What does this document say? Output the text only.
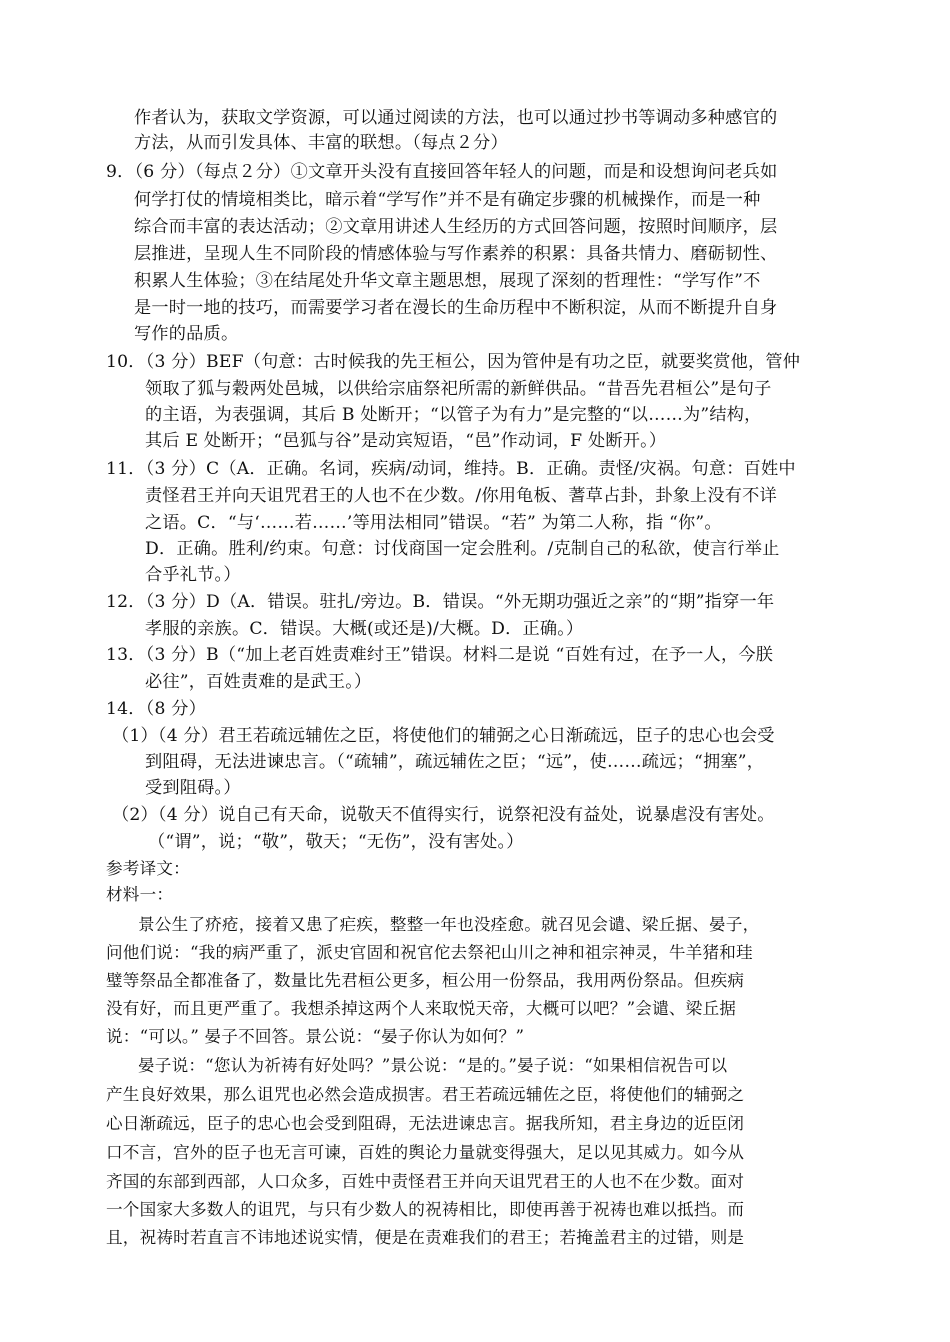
作者认为，获取文学资源，可以通过阅读的方法，也可以通过抄书等调动多种感官的
方法，从而引发具体、丰富的联想。（每点２分）
9．（6 分）（每点２分）①文章开头没有直接回答年轻人的问题，而是和设想询问老兵如
何学打仗的情境相类比，暗示着“学写作”并不是有确定步骤的机械操作，而是一种
综合而丰富的表达活动；②文章用讲述人生经历的方式回答问题，按照时间顺序，层
层推进，呈现人生不同阶段的情感体验与写作素养的积累：具备共情力、磨砺韧性、
积累人生体验；③在结尾处升华文章主题思想，展现了深刻的哲理性：“学写作”不
是一时一地的技巧，而需要学习者在漫长的生命历程中不断积淀，从而不断提升自身
写作的品质。
10．（3 分）BEF（句意：古时候我的先王桓公，因为管仲是有功之臣，就要奖赏他，管仲
领取了狐与穀两处邑城，以供给宗庙祭祀所需的新鲜供品。“昔吾先君桓公”是句子
的主语，为表强调，其后 B 处断开；“以管子为有力”是完整的“以……为”结构，
其后 E 处断开；“邑狐与谷”是动宾短语，“邑”作动词，F 处断开。）
11．（3 分）C（A．正确。名词，疾病/动词，维持。B．正确。责怪/灾祸。句意：百姓中
责怪君王并向天诅咒君王的人也不在少数。/你用龟板、蓍草占卦，卦象上没有不详
之语。C．“与‘……若……’等用法相同”错误。“若” 为第二人称，指 “你”。
D．正确。胜利/约束。句意：讨伐商国一定会胜利。/克制自己的私欲，使言行举止
合乎礼节。）
12．（3 分）D（A．错误。驻扎/旁边。B．错误。“外无期功强近之亲”的“期”指穿一年
孝服的亲族。C．错误。大概(或还是)/大概。D．正确。）
13．（3 分）B（“加上老百姓责难纣王”错误。材料二是说 “百姓有过，在予一人，今朕
必往”，百姓责难的是武王。）
14．（8 分）
（1）（4 分）君王若疏远辅佐之臣，将使他们的辅弼之心日渐疏远，臣子的忠心也会受
到阻碍，无法进谏忠言。（“疏辅”，疏远辅佐之臣；“远”，使……疏远；“拥塞”，
受到阻碍。）
（2）（4 分）说自己有天命，说敬天不值得实行，说祭祀没有益处，说暴虐没有害处。
（“谓”，说；“敬”，敬天；“无伤”，没有害处。）
参考译文：
材料一：
景公生了疥疮，接着又患了疟疾，整整一年也没痊愈。就召见会谴、梁丘据、晏子，
问他们说：“我的病严重了，派史官固和祝官佗去祭祀山川之神和祖宗神灵，牛羊猪和珪
璧等祭品全都准备了，数量比先君桓公更多，桓公用一份祭品，我用两份祭品。但疾病
没有好，而且更严重了。我想杀掉这两个人来取悦天帝，大概可以吧？”会谴、梁丘据
说：“可以。” 晏子不回答。景公说：“晏子你认为如何？”
晏子说：“您认为祈祷有好处吗？”景公说：“是的。”晏子说：“如果相信祝告可以
产生良好效果，那么诅咒也必然会造成损害。君王若疏远辅佐之臣，将使他们的辅弼之
心日渐疏远，臣子的忠心也会受到阻碍，无法进谏忠言。据我所知，君主身边的近臣闭
口不言，宫外的臣子也无言可谏，百姓的舆论力量就变得强大，足以见其威力。如今从
齐国的东部到西部，人口众多，百姓中责怪君王并向天诅咒君王的人也不在少数。面对
一个国家大多数人的诅咒，与只有少数人的祝祷相比，即使再善于祝祷也难以抵挡。而
且，祝祷时若直言不讳地述说实情，便是在责难我们的君王；若掩盖君主的过错，则是
